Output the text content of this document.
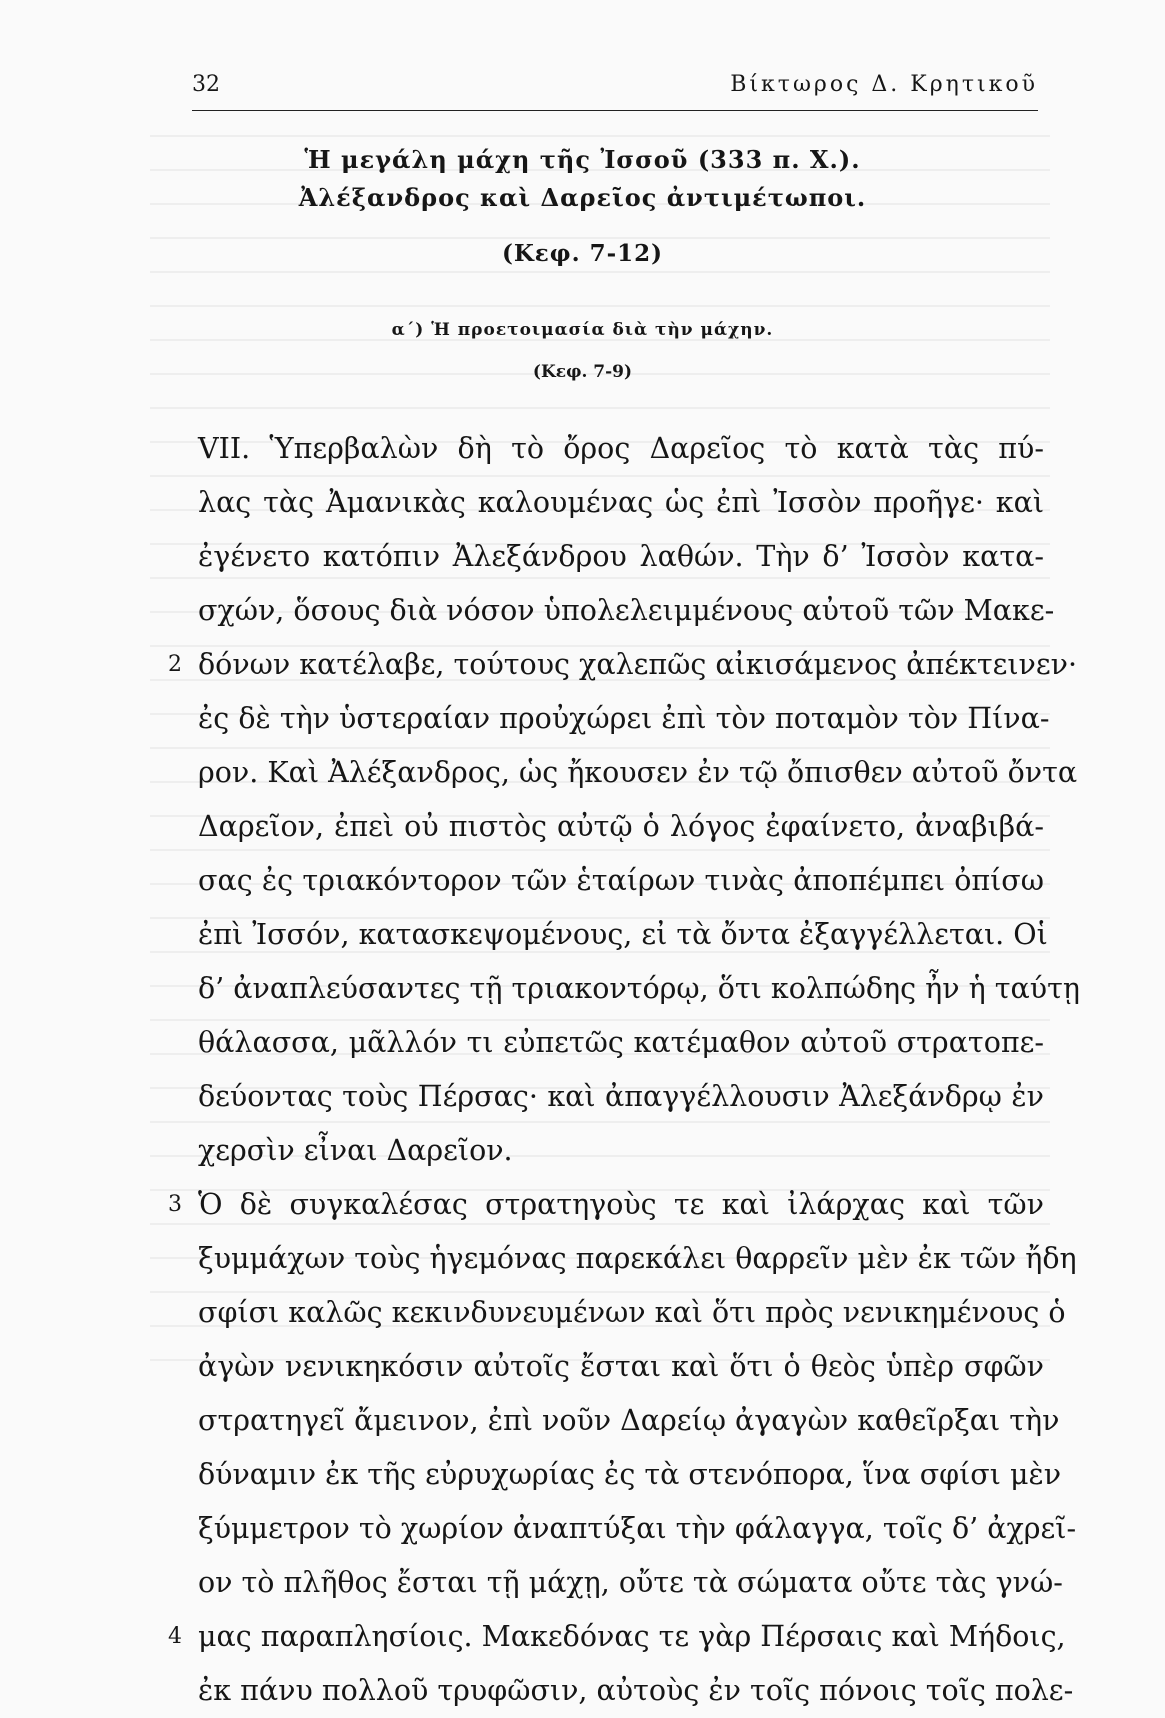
32	Βίκτωρος Δ. Κρητικοῦ
Ἡ μεγάλη μάχη τῆς Ἰσσοῦ (333 π. Χ.).
Ἀλέξανδρος καὶ Δαρεῖος ἀντιμέτωποι.
(Κεφ. 7-12)
α΄) Ἡ προετοιμασία διὰ τὴν μάχην.
(Κεφ. 7-9)
2
3
4
VII. Ὑπερβαλὼν δὴ τὸ ὄρος Δαρεῖος τὸ κατὰ τὰς πύ-
λας τὰς Ἀμανικὰς καλουμένας ὡς ἐπὶ Ἰσσὸν προῆγε· καὶ
ἐγένετο κατόπιν Ἀλεξάνδρου λαθών. Τὴν δ’ Ἰσσὸν κατα-
σχών, ὅσους διὰ νόσον ὑπολελειμμένους αὐτοῦ τῶν Μακε-
δόνων κατέλαβε, τούτους χαλεπῶς αἰκισάμενος ἀπέκτεινεν·
ἐς δὲ τὴν ὑστεραίαν προὐχώρει ἐπὶ τὸν ποταμὸν τὸν Πίνα-
ρον. Καὶ Ἀλέξανδρος, ὡς ἤκουσεν ἐν τῷ ὄπισθεν αὐτοῦ ὄντα
Δαρεῖον, ἐπεὶ οὐ πιστὸς αὐτῷ ὁ λόγος ἐφαίνετο, ἀναβιβά-
σας ἐς τριακόντορον τῶν ἑταίρων τινὰς ἀποπέμπει ὀπίσω
ἐπὶ Ἰσσόν, κατασκεψομένους, εἰ τὰ ὄντα ἐξαγγέλλεται. Οἱ
δ’ ἀναπλεύσαντες τῇ τριακοντόρῳ, ὅτι κολπώδης ἦν ἡ ταύτῃ
θάλασσα, μᾶλλόν τι εὐπετῶς κατέμαθον αὐτοῦ στρατοπε-
δεύοντας τοὺς Πέρσας· καὶ ἀπαγγέλλουσιν Ἀλεξάνδρῳ ἐν
χερσὶν εἶναι Δαρεῖον.
Ὁ δὲ συγκαλέσας στρατηγοὺς τε καὶ ἰλάρχας καὶ τῶν
ξυμμάχων τοὺς ἡγεμόνας παρεκάλει θαρρεῖν μὲν ἐκ τῶν ἤδη
σφίσι καλῶς κεκινδυνευμένων καὶ ὅτι πρὸς νενικημένους ὁ
ἀγὼν νενικηκόσιν αὐτοῖς ἔσται καὶ ὅτι ὁ θεὸς ὑπὲρ σφῶν
στρατηγεῖ ἄμεινον, ἐπὶ νοῦν Δαρείῳ ἀγαγὼν καθεῖρξαι τὴν
δύναμιν ἐκ τῆς εὐρυχωρίας ἐς τὰ στενόπορα, ἵνα σφίσι μὲν
ξύμμετρον τὸ χωρίον ἀναπτύξαι τὴν φάλαγγα, τοῖς δ’ ἀχρεῖ-
ον τὸ πλῆθος ἔσται τῇ μάχῃ, οὔτε τὰ σώματα οὔτε τὰς γνώ-
μας παραπλησίοις. Μακεδόνας τε γὰρ Πέρσαις καὶ Μήδοις,
ἐκ πάνυ πολλοῦ τρυφῶσιν, αὐτοὺς ἐν τοῖς πόνοις τοῖς πολε-
